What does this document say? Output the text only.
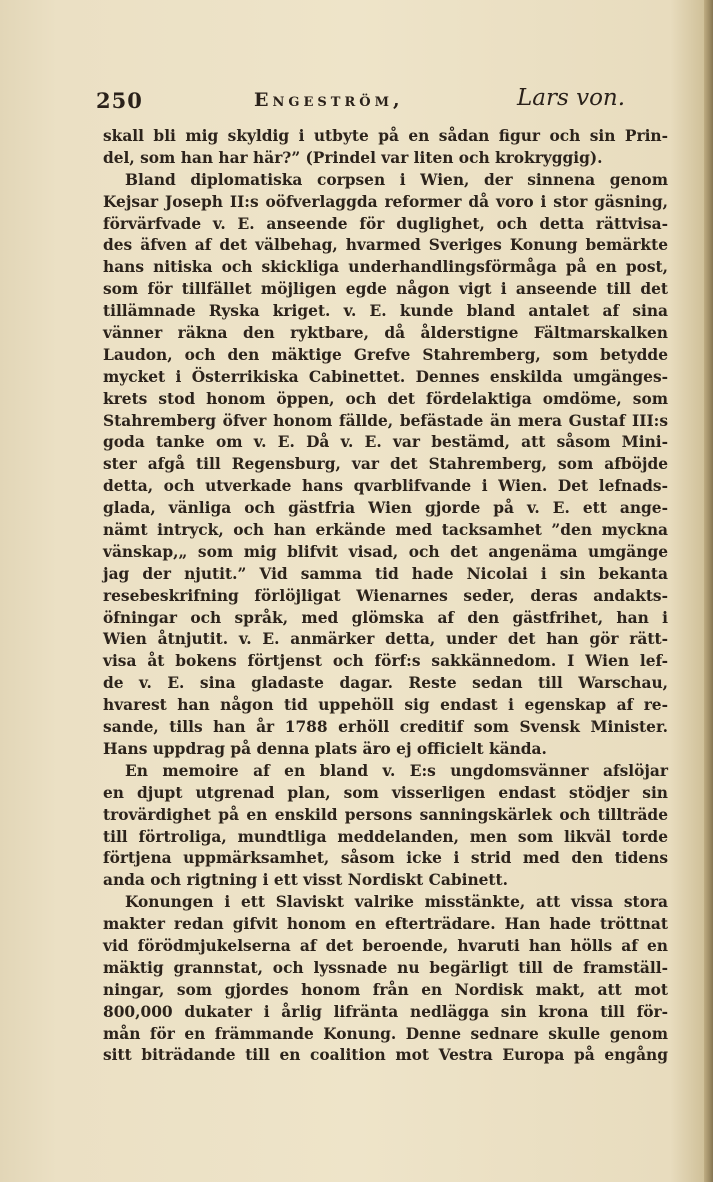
250	Engeström,	Lars von.
skall bli mig skyldig i utbyte på en sådan figur och sin Prin-
del, som han har här?” (Prindel var liten och krokryggig).
Bland diplomatiska corpsen i Wien, der sinnena genom
Kejsar Joseph II:s oöfverlaggda reformer då voro i stor gäsning,
förvärfvade v. E. anseende för duglighet, och detta rättvisa-
des äfven af det välbehag, hvarmed Sveriges Konung bemärkte
hans nitiska och skickliga underhandlingsförmåga på en post,
som för tillfället möjligen egde någon vigt i anseende till det
tillämnade Ryska kriget. v. E. kunde bland antalet af sina
vänner räkna den ryktbare, då ålderstigne Fältmarskalken
Laudon, och den mäktige Grefve Stahremberg, som betydde
mycket i Österrikiska Cabinettet. Dennes enskilda umgänges-
krets stod honom öppen, och det fördelaktiga omdöme, som
Stahremberg öfver honom fällde, befästade än mera Gustaf III:s
goda tanke om v. E. Då v. E. var bestämd, att såsom Mini-
ster afgå till Regensburg, var det Stahremberg, som afböjde
detta, och utverkade hans qvarblifvande i Wien. Det lefnads-
glada, vänliga och gästfria Wien gjorde på v. E. ett ange-
nämt intryck, och han erkände med tacksamhet ”den myckna
vänskap,„ som mig blifvit visad, och det angenäma umgänge
jag der njutit.” Vid samma tid hade Nicolai i sin bekanta
resebeskrifning förlöjligat Wienarnes seder, deras andakts-
öfningar och språk, med glömska af den gästfrihet, han i
Wien åtnjutit. v. E. anmärker detta, under det han gör rätt-
visa åt bokens förtjenst och förf:s sakkännedom. I Wien lef-
de v. E. sina gladaste dagar. Reste sedan till Warschau,
hvarest han någon tid uppehöll sig endast i egenskap af re-
sande, tills han år 1788 erhöll creditif som Svensk Minister.
Hans uppdrag på denna plats äro ej officielt kända.
En memoire af en bland v. E:s ungdomsvänner afslöjar
en djupt utgrenad plan, som visserligen endast stödjer sin
trovärdighet på en enskild persons sanningskärlek och tillträde
till förtroliga, mundtliga meddelanden, men som likväl torde
förtjena uppmärksamhet, såsom icke i strid med den tidens
anda och rigtning i ett visst Nordiskt Cabinett.
Konungen i ett Slaviskt valrike misstänkte, att vissa stora
makter redan gifvit honom en efterträdare. Han hade tröttnat
vid förödmjukelserna af det beroende, hvaruti han hölls af en
mäktig grannstat, och lyssnade nu begärligt till de framställ-
ningar, som gjordes honom från en Nordisk makt, att mot
800,000 dukater i årlig lifränta nedlägga sin krona till för-
mån för en främmande Konung. Denne sednare skulle genom
sitt biträdande till en coalition mot Vestra Europa på engång
